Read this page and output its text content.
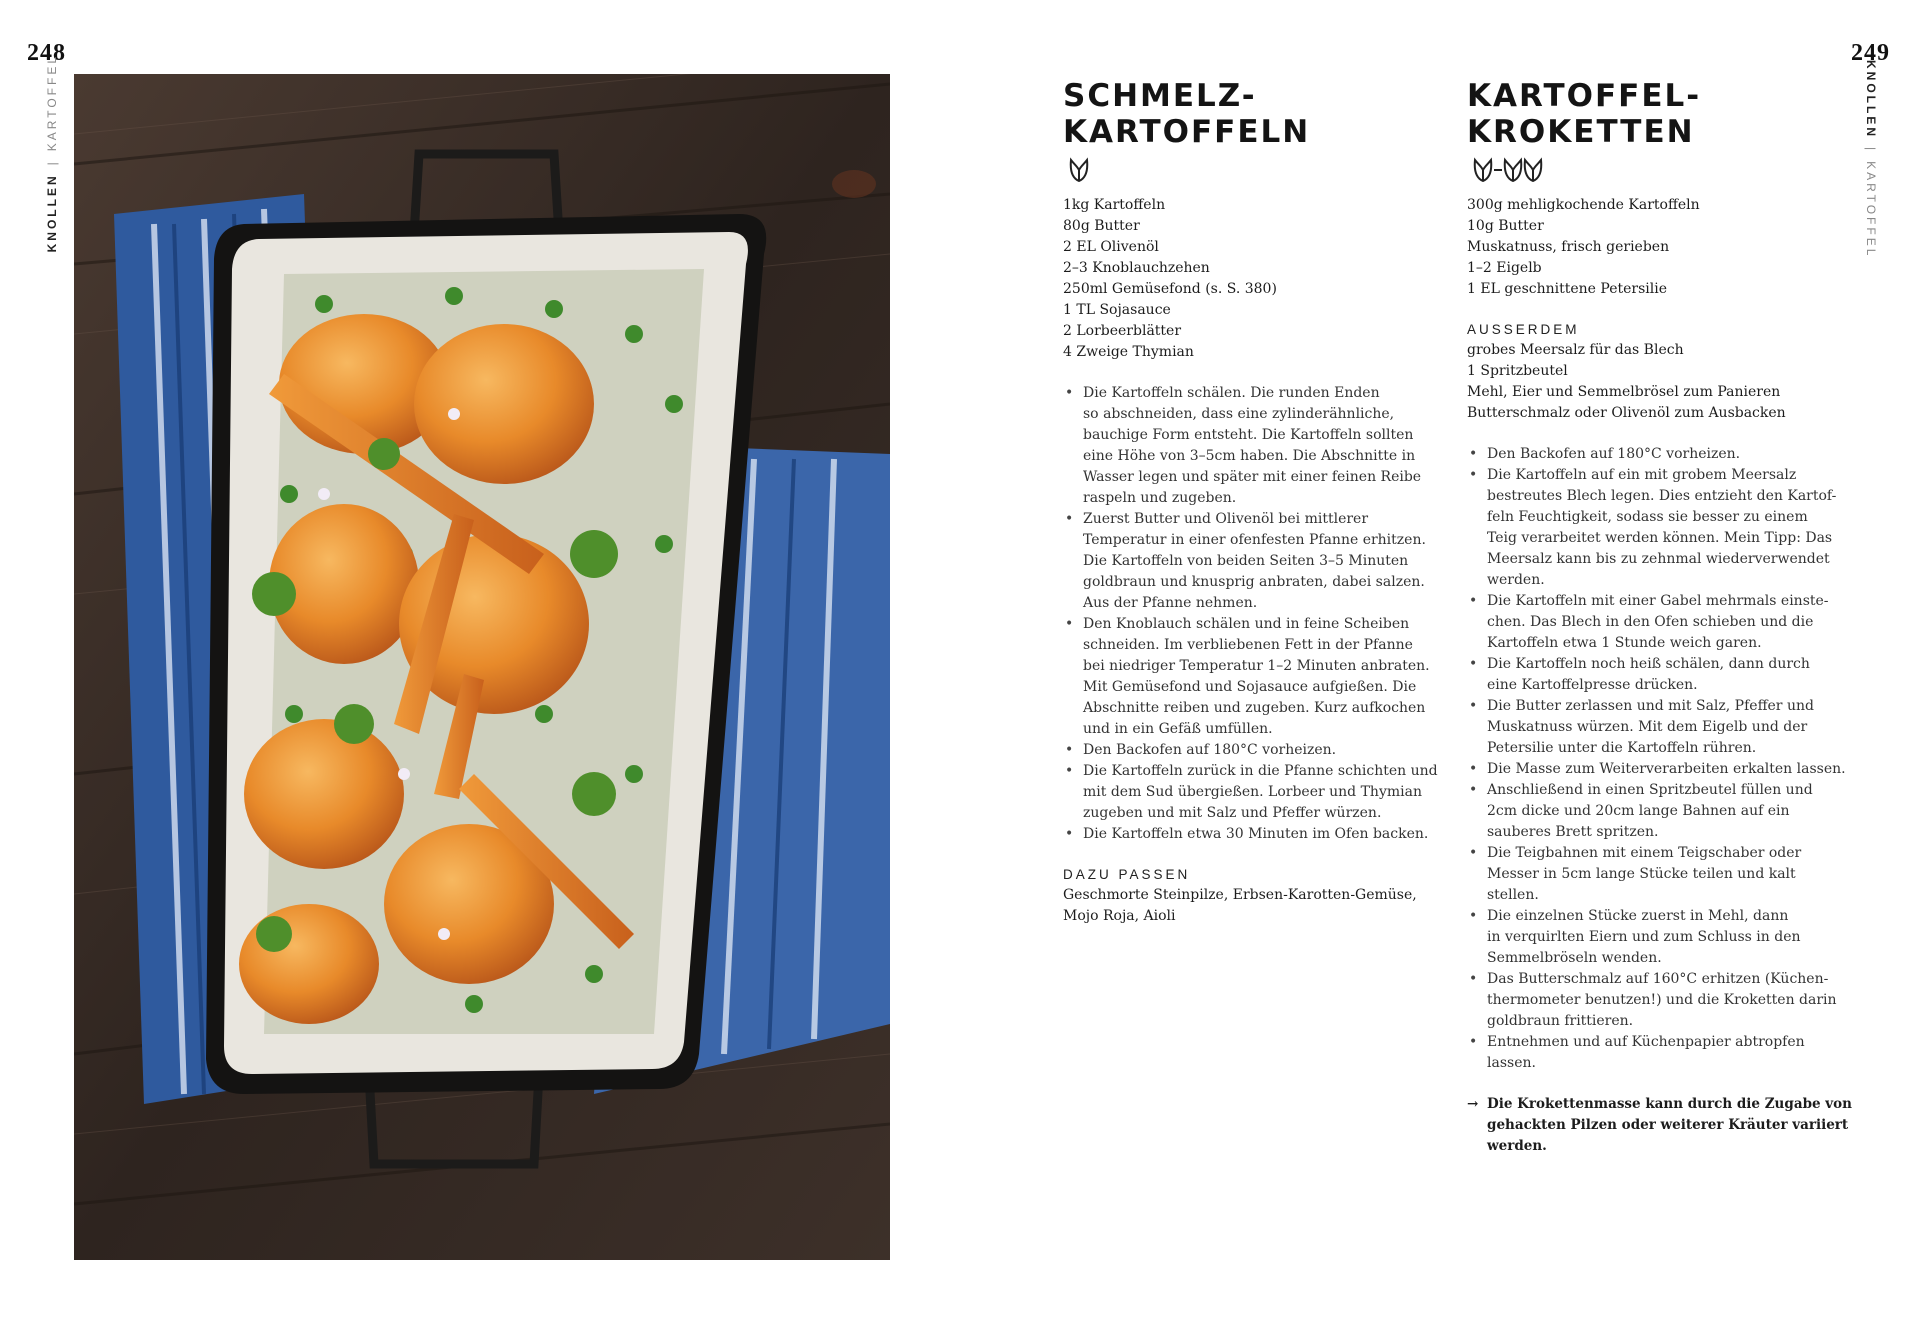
248	249
KNOLLEN
|
KARTOFFEL	KNOLLEN
|
KARTOFFEL
SCHMELZ-
KARTOFFELN
1kg Kartoffeln
80g Butter
2 EL Olivenöl
2–3 Knoblauchzehen
250ml Gemüsefond (s. S. 380)
1 TL Sojasauce
2 Lorbeerblätter
4 Zweige Thymian
• Die Kartoffeln schälen. Die runden Enden
so abschneiden, dass eine zylinderähnliche,
bauchige Form entsteht. Die Kartoffeln sollten
eine Höhe von 3–5cm haben. Die Abschnitte in
Wasser legen und später mit einer feinen Reibe
raspeln und zugeben.
• Zuerst Butter und Olivenöl bei mittlerer
Temperatur in einer ofenfesten Pfanne erhitzen.
Die Kartoffeln von beiden Seiten 3–5 Minuten
goldbraun und knusprig anbraten, dabei salzen.
Aus der Pfanne nehmen.
• Den Knoblauch schälen und in feine Scheiben
schneiden. Im verbliebenen Fett in der Pfanne
bei niedriger Temperatur 1–2 Minuten anbraten.
Mit Gemüsefond und Sojasauce aufgießen. Die
Abschnitte reiben und zugeben. Kurz aufkochen
und in ein Gefäß umfüllen.
• Den Backofen auf 180°C vorheizen.
• Die Kartoffeln zurück in die Pfanne schichten und
mit dem Sud übergießen. Lorbeer und Thymian
zugeben und mit Salz und Pfeffer würzen.
• Die Kartoffeln etwa 30 Minuten im Ofen backen.
DAZU PASSEN
Geschmorte Steinpilze, Erbsen-Karotten-Gemüse,
Mojo Roja, Aioli
KARTOFFEL-
KROKETTEN
300g mehligkochende Kartoffeln
10g Butter
Muskatnuss, frisch gerieben
1–2 Eigelb
1 EL geschnittene Petersilie
AUSSERDEM
grobes Meersalz für das Blech
1 Spritzbeutel
Mehl, Eier und Semmelbrösel zum Panieren
Butterschmalz oder Olivenöl zum Ausbacken
• Den Backofen auf 180°C vorheizen.
• Die Kartoffeln auf ein mit grobem Meersalz
bestreutes Blech legen. Dies entzieht den Kartof-
feln Feuchtigkeit, sodass sie besser zu einem
Teig verarbeitet werden können. Mein Tipp: Das
Meersalz kann bis zu zehnmal wiederverwendet
werden.
• Die Kartoffeln mit einer Gabel mehrmals einste-
chen. Das Blech in den Ofen schieben und die
Kartoffeln etwa 1 Stunde weich garen.
• Die Kartoffeln noch heiß schälen, dann durch
eine Kartoffelpresse drücken.
• Die Butter zerlassen und mit Salz, Pfeffer und
Muskatnuss würzen. Mit dem Eigelb und der
Petersilie unter die Kartoffeln rühren.
• Die Masse zum Weiterverarbeiten erkalten lassen.
• Anschließend in einen Spritzbeutel füllen und
2cm dicke und 20cm lange Bahnen auf ein
sauberes Brett spritzen.
• Die Teigbahnen mit einem Teigschaber oder
Messer in 5cm lange Stücke teilen und kalt
stellen.
• Die einzelnen Stücke zuerst in Mehl, dann
in verquirlten Eiern und zum Schluss in den
Semmelbröseln wenden.
• Das Butterschmalz auf 160°C erhitzen (Küchen-
thermometer benutzen!) und die Kroketten darin
goldbraun frittieren.
• Entnehmen und auf Küchenpapier abtropfen
lassen.
→ Die Krokettenmasse kann durch die Zugabe von
gehackten Pilzen oder weiterer Kräuter variiert
werden.
